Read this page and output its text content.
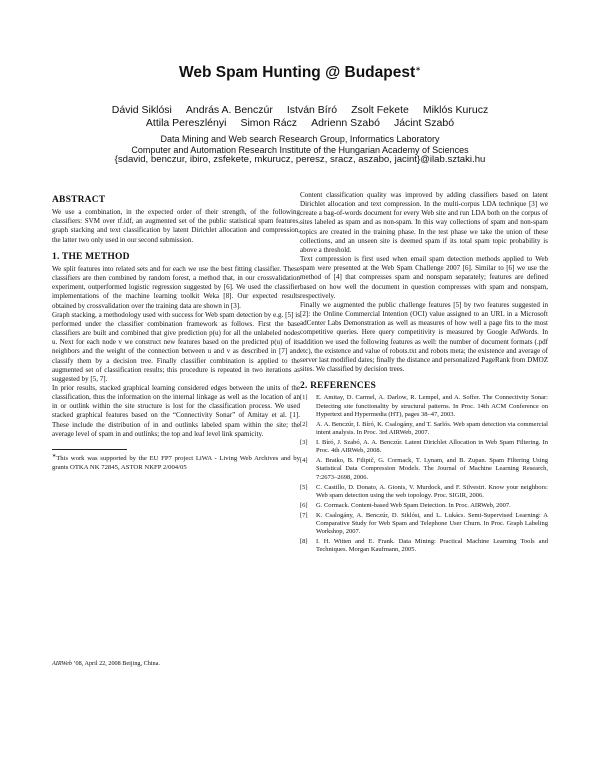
Web Spam Hunting @ Budapest∗
Dávid Siklósi András A. Benczúr István Bíró Zsolt Fekete Miklós Kurucz
Attila Pereszlényi Simon Rácz Adrienn Szabó Jácint Szabó
Data Mining and Web search Research Group, Informatics Laboratory
Computer and Automation Research Institute of the Hungarian Academy of Sciences
{sdavid, benczur, ibiro, zsfekete, mkurucz, peresz, sracz, aszabo, jacint}@ilab.sztaki.hu
ABSTRACT

We use a combination, in the expected order of their strength, of the following classifiers: SVM over tf.idf, an augmented set of the public statistical spam features, graph stacking and text classification by latent Dirichlet allocation and compression, the latter two only used in our second submission.

1. THE METHOD

We split features into related sets and for each we use the best fitting classifier. These classifiers are then combined by random forest, a method that, in our crossvalidation experiment, outperformed logistic regression suggested by [6]. We used the classifier implementations of the machine learning toolkit Weka [8]. Our expected results obtained by crossvalidation over the training data are shown in [3].

Graph stacking, a methodology used with success for Web spam detection by e.g. [5] is performed under the classifier combination framework as follows. First the base classifiers are built and combined that give prediction p(u) for all the unlabeled nodes u. Next for each node v we construct new features based on the predicted p(u) of its neighbors and the weight of the connection between u and v as described in [7] and classify them by a decision tree. Finally classifier combination is applied to the augmented set of classification results; this procedure is repeated in two iterations as suggested by [5, 7].

In prior results, stacked graphical learning considered edges between the units of the classification, thus the information on the internal linkage as well as the location of an in or outlink within the site structure is lost for the classification process. We used stacked graphical features based on the “Connectivity Sonar” of Amitay et al. [1]. These include the distribution of in and outlinks labeled spam within the site; the average level of spam in and outlinks; the top and leaf level link spamicity.

∗This work was supported by the EU FP7 project LiWA - Living Web Archives and by grants OTKA NK 72845, ASTOR NKFP 2/004/05
AIRWeb ’08, April 22, 2008 Beijing, China.

Content classification quality was improved by adding classifiers based on latent Dirichlet allocation and text compression. In the multi-corpus LDA technique [3] we create a bag-of-words document for every Web site and run LDA both on the corpus of sites labeled as spam and as non-spam. In this way collections of spam and non-spam topics are created in the training phase. In the test phase we take the union of these collections, and an unseen site is deemed spam if its total spam topic probability is above a threshold.

Text compression is first used when email spam detection methods applied to Web spam were presented at the Web Spam Challenge 2007 [6]. Similar to [6] we use the method of [4] that compresses spam and nonspam separately; features are defined based on how well the document in question compresses with spam and nonspam, respectively.

Finally we augmented the public challenge features [5] by two features suggested in [2]: the Online Commercial Intention (OCI) value assigned to an URL in a Microsoft adCenter Labs Demonstration as well as measures of how well a page fits to the most competitive queries. Here query competitivity is measured by Google AdWords. In addition we used the following features as well: the number of document formats (.pdf etc), the existence and value of robots.txt and robots meta; the existence and average of server last modified dates; finally the distance and personalized PageRank from DMOZ sites. We classified by decision trees.

2. REFERENCES
[1] E. Amitay, D. Carmel, A. Darlow, R. Lempel, and A. Soffer. The Connectivity Sonar: Detecting site functionality by structural patterns. In Proc. 14th ACM Conference on Hypertext and Hypermedia (HT), pages 38–47, 2003.
[2] A. A. Benczúr, I. Bíró, K. Csalogány, and T. Sarlós. Web spam detection via commercial intent analysis. In Proc. 3rd AIRWeb, 2007.
[3] I. Bíró, J. Szabó, A. A. Benczúr. Latent Dirichlet Allocation in Web Spam Filtering. In Proc. 4th AIRWeb, 2008.
[4] A. Bratko, B. Filipič, G. Cormack, T. Lynam, and B. Zupan. Spam Filtering Using Statistical Data Compression Models. The Journal of Machine Learning Research, 7:2673–2698, 2006.
[5] C. Castillo, D. Donato, A. Gionis, V. Murdock, and F. Silvestri. Know your neighbors: Web spam detection using the web topology. Proc. SIGIR, 2006.
[6] G. Cormack. Content-based Web Spam Detection. In Proc. AIRWeb, 2007.
[7] K. Csalogány, A. Benczúr, D. Siklósi, and L. Lukács. Semi-Supervised Learning: A Comparative Study for Web Spam and Telephone User Churn. In Proc. Graph Labeling Workshop, 2007.
[8] I. H. Witten and E. Frank. Data Mining: Practical Machine Learning Tools and Techniques. Morgan Kaufmann, 2005.
